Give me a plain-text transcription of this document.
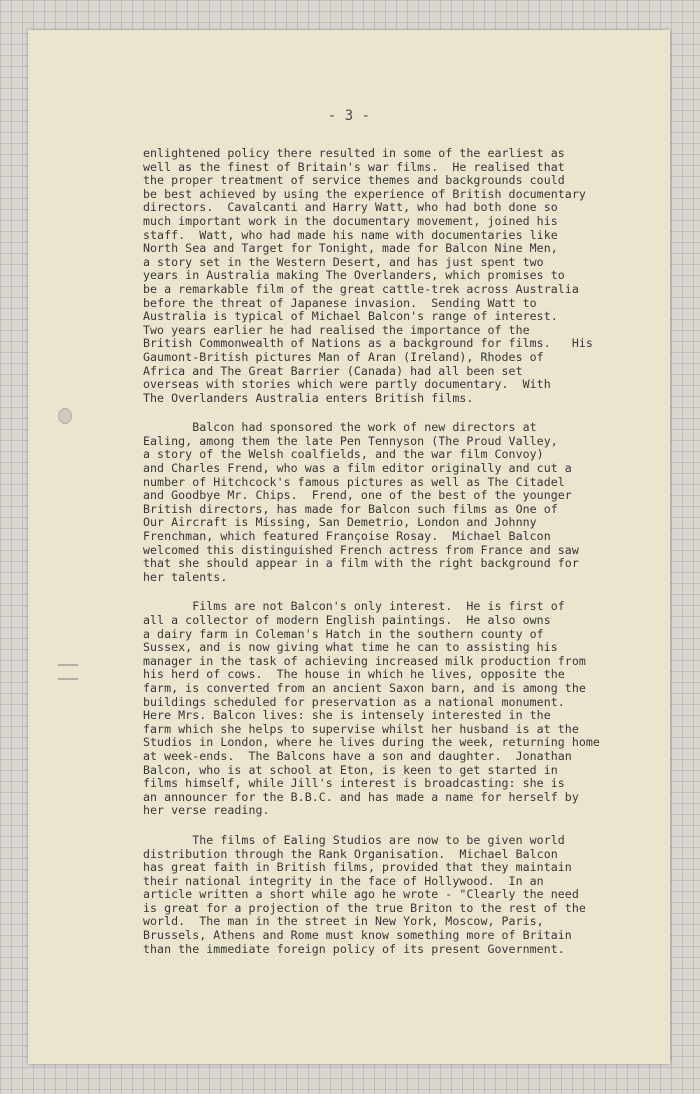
- 3 -
enlightened policy there resulted in some of the earliest as
well as the finest of Britain's war films.  He realised that
the proper treatment of service themes and backgrounds could
be best achieved by using the experience of British documentary
directors.  Cavalcanti and Harry Watt, who had both done so
much important work in the documentary movement, joined his
staff.  Watt, who had made his name with documentaries like
North Sea and Target for Tonight, made for Balcon Nine Men,
a story set in the Western Desert, and has just spent two
years in Australia making The Overlanders, which promises to
be a remarkable film of the great cattle-trek across Australia
before the threat of Japanese invasion.  Sending Watt to
Australia is typical of Michael Balcon's range of interest.
Two years earlier he had realised the importance of the
British Commonwealth of Nations as a background for films.   His
Gaumont-British pictures Man of Aran (Ireland), Rhodes of
Africa and The Great Barrier (Canada) had all been set
overseas with stories which were partly documentary.  With
The Overlanders Australia enters British films.
Balcon had sponsored the work of new directors at
Ealing, among them the late Pen Tennyson (The Proud Valley,
a story of the Welsh coalfields, and the war film Convoy)
and Charles Frend, who was a film editor originally and cut a
number of Hitchcock's famous pictures as well as The Citadel
and Goodbye Mr. Chips.  Frend, one of the best of the younger
British directors, has made for Balcon such films as One of
Our Aircraft is Missing, San Demetrio, London and Johnny
Frenchman, which featured Françoise Rosay.  Michael Balcon
welcomed this distinguished French actress from France and saw
that she should appear in a film with the right background for
her talents.
Films are not Balcon's only interest.  He is first of
all a collector of modern English paintings.  He also owns
a dairy farm in Coleman's Hatch in the southern county of
Sussex, and is now giving what time he can to assisting his
manager in the task of achieving increased milk production from
his herd of cows.  The house in which he lives, opposite the
farm, is converted from an ancient Saxon barn, and is among the
buildings scheduled for preservation as a national monument.
Here Mrs. Balcon lives: she is intensely interested in the
farm which she helps to supervise whilst her husband is at the
Studios in London, where he lives during the week, returning home
at week-ends.  The Balcons have a son and daughter.  Jonathan
Balcon, who is at school at Eton, is keen to get started in
films himself, while Jill's interest is broadcasting: she is
an announcer for the B.B.C. and has made a name for herself by
her verse reading.
The films of Ealing Studios are now to be given world
distribution through the Rank Organisation.  Michael Balcon
has great faith in British films, provided that they maintain
their national integrity in the face of Hollywood.  In an
article written a short while ago he wrote - "Clearly the need
is great for a projection of the true Briton to the rest of the
world.  The man in the street in New York, Moscow, Paris,
Brussels, Athens and Rome must know something more of Britain
than the immediate foreign policy of its present Government.
